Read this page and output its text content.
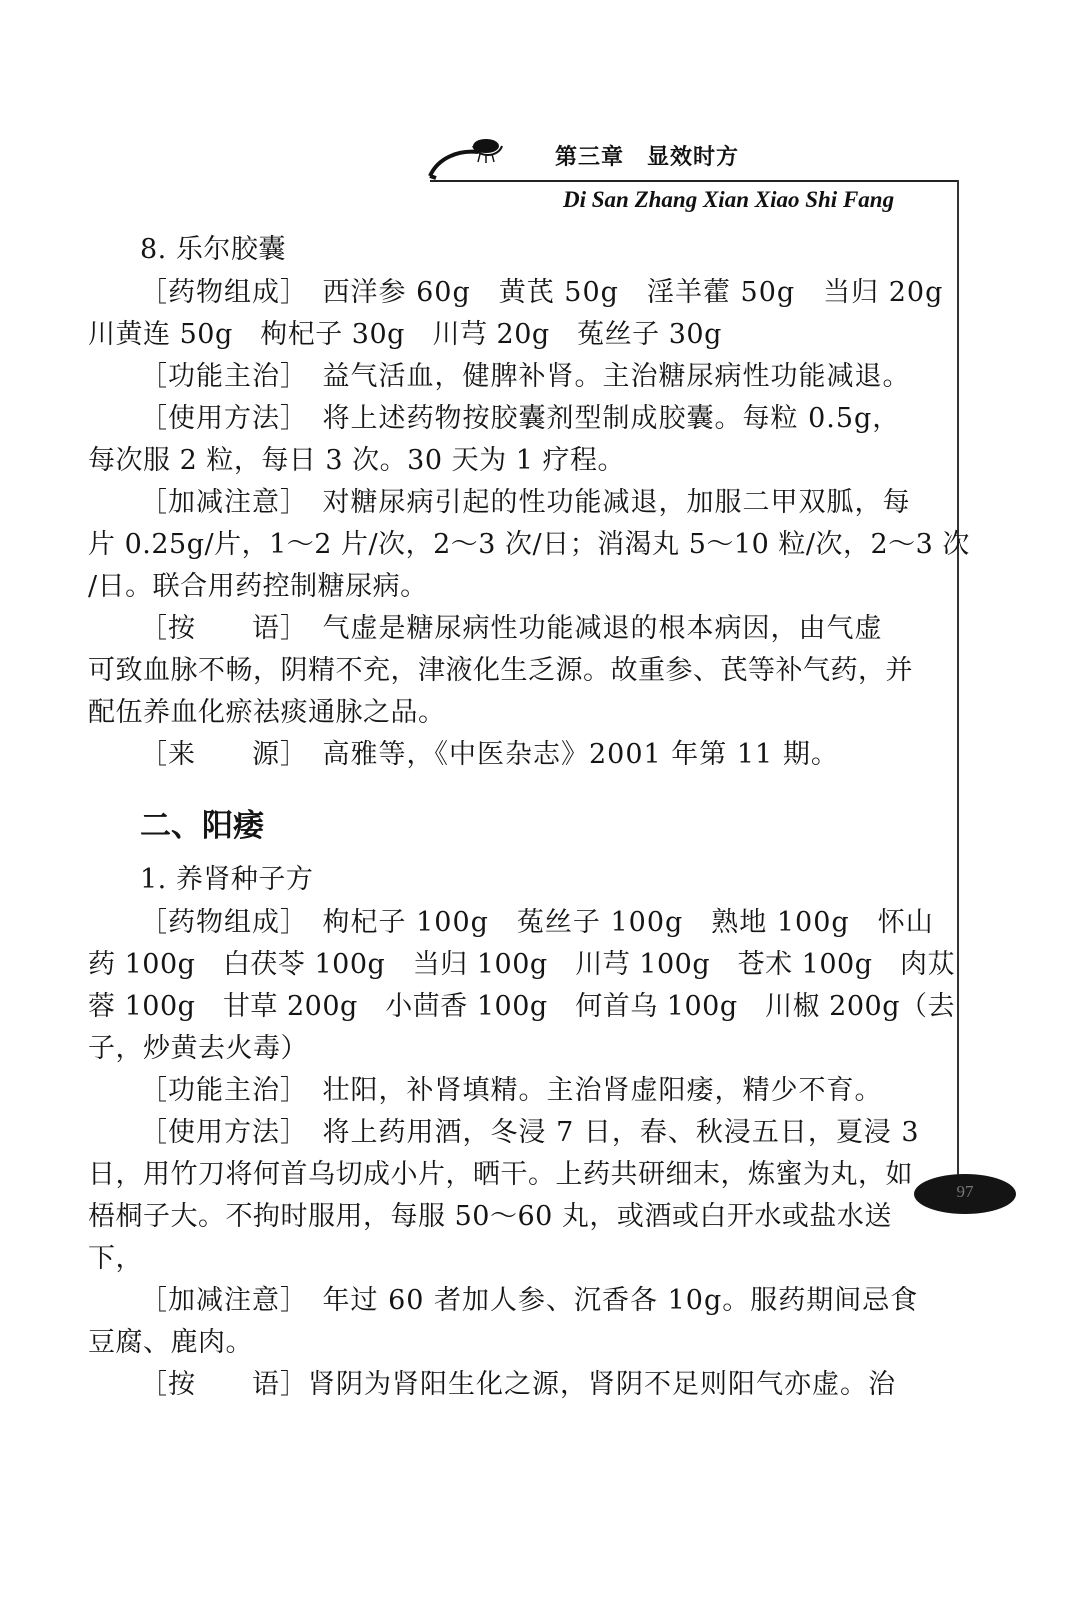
第三章　显效时方
Di San Zhang Xian Xiao Shi Fang
97
8. 乐尔胶囊
［药物组成］　西洋参 60g　黄芪 50g　淫羊藿 50g　当归 20g
川黄连 50g　枸杞子 30g　川芎 20g　菟丝子 30g
［功能主治］　益气活血，健脾补肾。主治糖尿病性功能减退。
［使用方法］　将上述药物按胶囊剂型制成胶囊。每粒 0.5g，
每次服 2 粒，每日 3 次。30 天为 1 疗程。
［加减注意］　对糖尿病引起的性功能减退，加服二甲双胍，每
片 0.25g/片，1～2 片/次，2～3 次/日；消渴丸 5～10 粒/次，2～3 次
/日。联合用药控制糖尿病。
［按　　语］　气虚是糖尿病性功能减退的根本病因，由气虚
可致血脉不畅，阴精不充，津液化生乏源。故重参、芪等补气药，并
配伍养血化瘀祛痰通脉之品。
［来　　源］　高雅等，《中医杂志》2001 年第 11 期。
二、阳痿
1. 养肾种子方
［药物组成］　枸杞子 100g　菟丝子 100g　熟地 100g　怀山
药 100g　白茯苓 100g　当归 100g　川芎 100g　苍术 100g　肉苁
蓉 100g　甘草 200g　小茴香 100g　何首乌 100g　川椒 200g（去
子，炒黄去火毒）
［功能主治］　壮阳，补肾填精。主治肾虚阳痿，精少不育。
［使用方法］　将上药用酒，冬浸 7 日，春、秋浸五日，夏浸 3
日，用竹刀将何首乌切成小片，晒干。上药共研细末，炼蜜为丸，如
梧桐子大。不拘时服用，每服 50～60 丸，或酒或白开水或盐水送
下，
［加减注意］　年过 60 者加人参、沉香各 10g。服药期间忌食
豆腐、鹿肉。
［按　　语］肾阴为肾阳生化之源，肾阴不足则阳气亦虚。治
